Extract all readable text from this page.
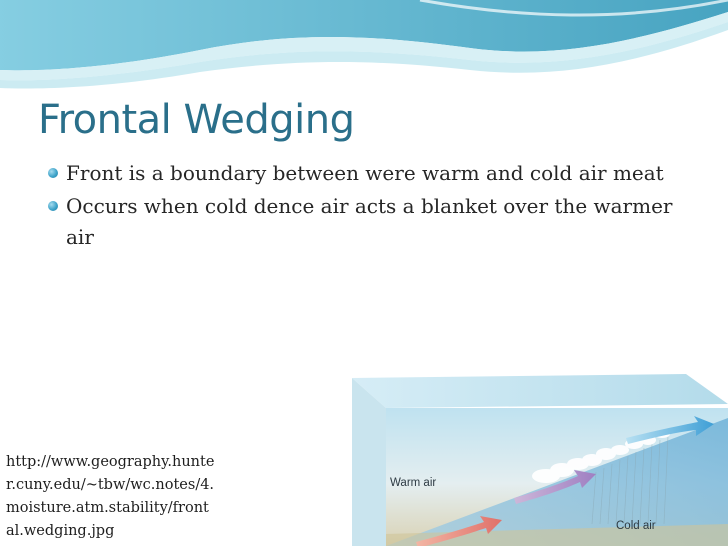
Frontal Wedging
Front is a boundary between were warm and cold air meat
Occurs when cold dence air acts a blanket over the warmer air

http://www.geography.hunter.cuny.edu/~tbw/wc.notes/4.moisture.atm.stability/frontal.wedging.jpg

Warm air
Cold air
